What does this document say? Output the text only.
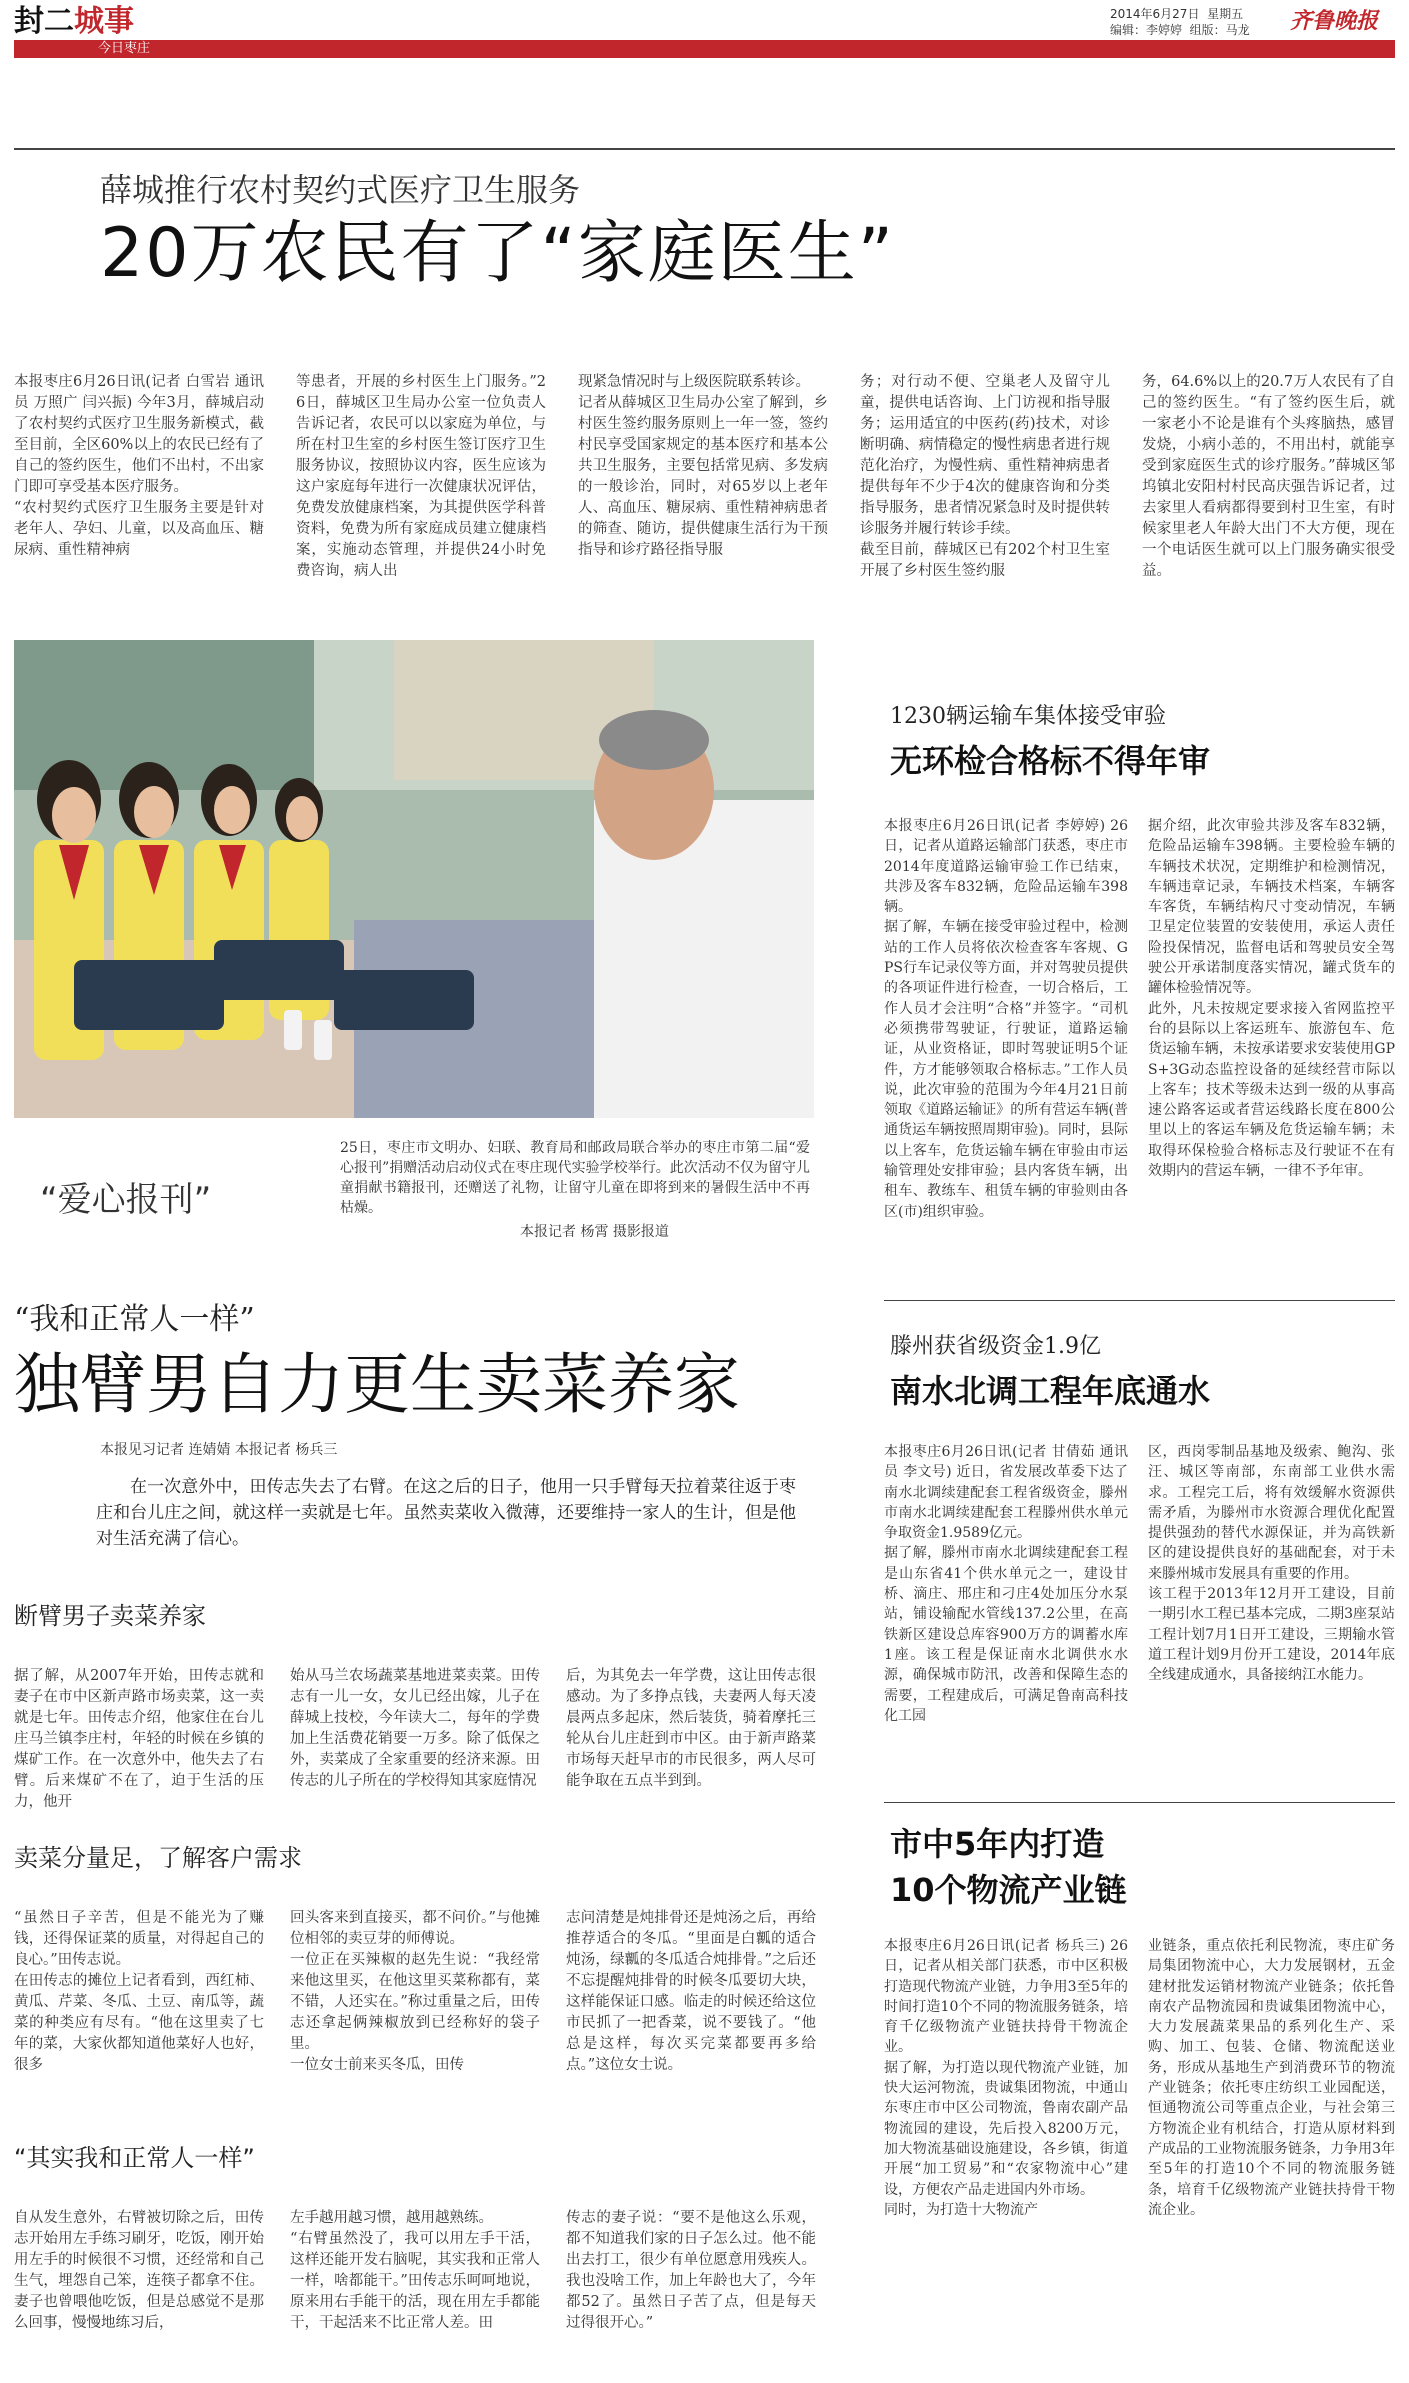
封二城事
今日枣庄
2014年6月27日 星期五
编辑：李婷婷 组版：马龙	齐鲁晚报
薛城推行农村契约式医疗卫生服务
20万农民有了“家庭医生”
本报枣庄6月26日讯(记者 白雪岩 通讯员 万照广 闫兴振) 今年3月，薛城启动了农村契约式医疗卫生服务新模式，截至目前，全区60%以上的农民已经有了自己的签约医生，他们不出村，不出家门即可享受基本医疗服务。
“农村契约式医疗卫生服务主要是针对老年人、孕妇、儿童，以及高血压、糖尿病、重性精神病
等患者，开展的乡村医生上门服务。”26日，薛城区卫生局办公室一位负责人告诉记者，农民可以以家庭为单位，与所在村卫生室的乡村医生签订医疗卫生服务协议，按照协议内容，医生应该为这户家庭每年进行一次健康状况评估，免费发放健康档案，为其提供医学科普资料，免费为所有家庭成员建立健康档案，实施动态管理，并提供24小时免费咨询，病人出
现紧急情况时与上级医院联系转诊。
记者从薛城区卫生局办公室了解到，乡村医生签约服务原则上一年一签，签约村民享受国家规定的基本医疗和基本公共卫生服务，主要包括常见病、多发病的一般诊治，同时，对65岁以上老年人、高血压、糖尿病、重性精神病患者的筛查、随访，提供健康生活行为干预指导和诊疗路径指导服
务；对行动不便、空巢老人及留守儿童，提供电话咨询、上门访视和指导服务；运用适宜的中医药(药)技术，对诊断明确、病情稳定的慢性病患者进行规范化治疗，为慢性病、重性精神病患者提供每年不少于4次的健康咨询和分类指导服务，患者情况紧急时及时提供转诊服务并履行转诊手续。
截至目前，薛城区已有202个村卫生室开展了乡村医生签约服
务，64.6%以上的20.7万人农民有了自己的签约医生。“有了签约医生后，就一家老小不论是谁有个头疼脑热，感冒发烧，小病小恙的，不用出村，就能享受到家庭医生式的诊疗服务。”薛城区邹坞镇北安阳村村民高庆强告诉记者，过去家里人看病都得要到村卫生室，有时候家里老人年龄大出门不大方便，现在一个电话医生就可以上门服务确实很受益。
“爱心报刊”
25日，枣庄市文明办、妇联、教育局和邮政局联合举办的枣庄市第二届“爱心报刊”捐赠活动启动仪式在枣庄现代实验学校举行。此次活动不仅为留守儿童捐献书籍报刊，还赠送了礼物，让留守儿童在即将到来的暑假生活中不再枯燥。
本报记者 杨霄 摄影报道
1230辆运输车集体接受审验
无环检合格标不得年审
本报枣庄6月26日讯(记者 李婷婷) 26日，记者从道路运输部门获悉，枣庄市2014年度道路运输审验工作已结束，共涉及客车832辆，危险品运输车398辆。
据了解，车辆在接受审验过程中，检测站的工作人员将依次检查客车客规、GPS行车记录仪等方面，并对驾驶员提供的各项证件进行检查，一切合格后，工作人员才会注明“合格”并签字。“司机必须携带驾驶证，行驶证，道路运输证，从业资格证，即时驾驶证明5个证件，方才能够领取合格标志。”工作人员说，此次审验的范围为今年4月21日前领取《道路运输证》的所有营运车辆(普通货运车辆按照周期审验)。同时，县际以上客车，危货运输车辆在审验由市运输管理处安排审验；县内客货车辆，出租车、教练车、租赁车辆的审验则由各区(市)组织审验。
据介绍，此次审验共涉及客车832辆，危险品运输车398辆。主要检验车辆的车辆技术状况，定期维护和检测情况，车辆违章记录，车辆技术档案，车辆客车客货，车辆结构尺寸变动情况，车辆卫星定位装置的安装使用，承运人责任险投保情况，监督电话和驾驶员安全驾驶公开承诺制度落实情况，罐式货车的罐体检验情况等。
此外，凡未按规定要求接入省网监控平台的县际以上客运班车、旅游包车、危货运输车辆，未按承诺要求安装使用GPS+3G动态监控设备的延续经营市际以上客车；技术等级未达到一级的从事高速公路客运或者营运线路长度在800公里以上的客运车辆及危货运输车辆；未取得环保检验合格标志及行驶证不在有效期内的营运车辆，一律不予年审。
“我和正常人一样”
独臂男自力更生卖菜养家
本报见习记者 连婧婧 本报记者 杨兵三
在一次意外中，田传志失去了右臂。在这之后的日子，他用一只手臂每天拉着菜往返于枣庄和台儿庄之间，就这样一卖就是七年。虽然卖菜收入微薄，还要维持一家人的生计，但是他对生活充满了信心。
断臂男子卖菜养家
据了解，从2007年开始，田传志就和妻子在市中区新声路市场卖菜，这一卖就是七年。田传志介绍，他家住在台儿庄马兰镇李庄村，年轻的时候在乡镇的煤矿工作。在一次意外中，他失去了右臂。后来煤矿不在了，迫于生活的压力，他开
始从马兰农场蔬菜基地进菜卖菜。田传志有一儿一女，女儿已经出嫁，儿子在薛城上技校，今年读大二，每年的学费加上生活费花销要一万多。除了低保之外，卖菜成了全家重要的经济来源。田传志的儿子所在的学校得知其家庭情况
后，为其免去一年学费，这让田传志很感动。为了多挣点钱，夫妻两人每天凌晨两点多起床，然后装货，骑着摩托三轮从台儿庄赶到市中区。由于新声路菜市场每天赶早市的市民很多，两人尽可能争取在五点半到到。
卖菜分量足，了解客户需求
“虽然日子辛苦，但是不能光为了赚钱，还得保证菜的质量，对得起自己的良心。”田传志说。
在田传志的摊位上记者看到，西红柿、黄瓜、芹菜、冬瓜、土豆、南瓜等，蔬菜的种类应有尽有。“他在这里卖了七年的菜，大家伙都知道他菜好人也好，很多
回头客来到直接买，都不问价。”与他摊位相邻的卖豆芽的师傅说。
一位正在买辣椒的赵先生说：“我经常来他这里买，在他这里买菜称都有，菜不错，人还实在。”称过重量之后，田传志还拿起俩辣椒放到已经称好的袋子里。
一位女士前来买冬瓜，田传
志问清楚是炖排骨还是炖汤之后，再给推荐适合的冬瓜。“里面是白瓤的适合炖汤，绿瓤的冬瓜适合炖排骨。”之后还不忘提醒炖排骨的时候冬瓜要切大块，这样能保证口感。临走的时候还给这位市民抓了一把香菜，说不要钱了。“他总是这样，每次买完菜都要再多给点。”这位女士说。
“其实我和正常人一样”
自从发生意外，右臂被切除之后，田传志开始用左手练习刷牙，吃饭，刚开始用左手的时候很不习惯，还经常和自己生气，埋怨自己笨，连筷子都拿不住。妻子也曾喂他吃饭，但是总感觉不是那么回事，慢慢地练习后，
左手越用越习惯，越用越熟练。
“右臂虽然没了，我可以用左手干活，这样还能开发右脑呢，其实我和正常人一样，啥都能干。”田传志乐呵呵地说，原来用右手能干的活，现在用左手都能干，干起活来不比正常人差。田
传志的妻子说：“要不是他这么乐观，都不知道我们家的日子怎么过。他不能出去打工，很少有单位愿意用残疾人。我也没啥工作，加上年龄也大了，今年都52了。虽然日子苦了点，但是每天过得很开心。”
滕州获省级资金1.9亿
南水北调工程年底通水
本报枣庄6月26日讯(记者 甘倩茹 通讯员 李文号) 近日，省发展改革委下达了南水北调续建配套工程省级资金，滕州市南水北调续建配套工程滕州供水单元争取资金1.9589亿元。
据了解，滕州市南水北调续建配套工程是山东省41个供水单元之一，建设甘桥、滴庄、邢庄和刁庄4处加压分水泵站，铺设输配水管线137.2公里，在高铁新区建设总库容900万方的调蓄水库1座。该工程是保证南水北调供水水源，确保城市防汛，改善和保障生态的需要，工程建成后，可满足鲁南高科技化工园
区，西岗零制品基地及级索、鲍沟、张汪、城区等南部，东南部工业供水需求。工程完工后，将有效缓解水资源供需矛盾，为滕州市水资源合理优化配置提供强劲的替代水源保证，并为高铁新区的建设提供良好的基础配套，对于未来滕州城市发展具有重要的作用。
该工程于2013年12月开工建设，目前一期引水工程已基本完成，二期3座泵站工程计划7月1日开工建设，三期输水管道工程计划9月份开工建设，2014年底全线建成通水，具备接纳江水能力。
市中5年内打造
10个物流产业链
本报枣庄6月26日讯(记者 杨兵三) 26日，记者从相关部门获悉，市中区积极打造现代物流产业链，力争用3至5年的时间打造10个不同的物流服务链条，培育千亿级物流产业链扶持骨干物流企业。
据了解，为打造以现代物流产业链，加快大运河物流，贵诚集团物流，中通山东枣庄市中区公司物流，鲁南农副产品物流园的建设，先后投入8200万元，加大物流基础设施建设，各乡镇，街道开展“加工贸易”和“农家物流中心”建设，方便农产品走进国内外市场。
同时，为打造十大物流产
业链条，重点依托利民物流，枣庄矿务局集团物流中心，大力发展钢材，五金建材批发运销材物流产业链条；依托鲁南农产品物流园和贵诚集团物流中心，大力发展蔬菜果品的系列化生产、采购、加工、包装、仓储、物流配送业务，形成从基地生产到消费环节的物流产业链条；依托枣庄纺织工业园配送，恒通物流公司等重点企业，与社会第三方物流企业有机结合，打造从原材料到产成品的工业物流服务链条，力争用3年至5年的打造10个不同的物流服务链条，培育千亿级物流产业链扶持骨干物流企业。
